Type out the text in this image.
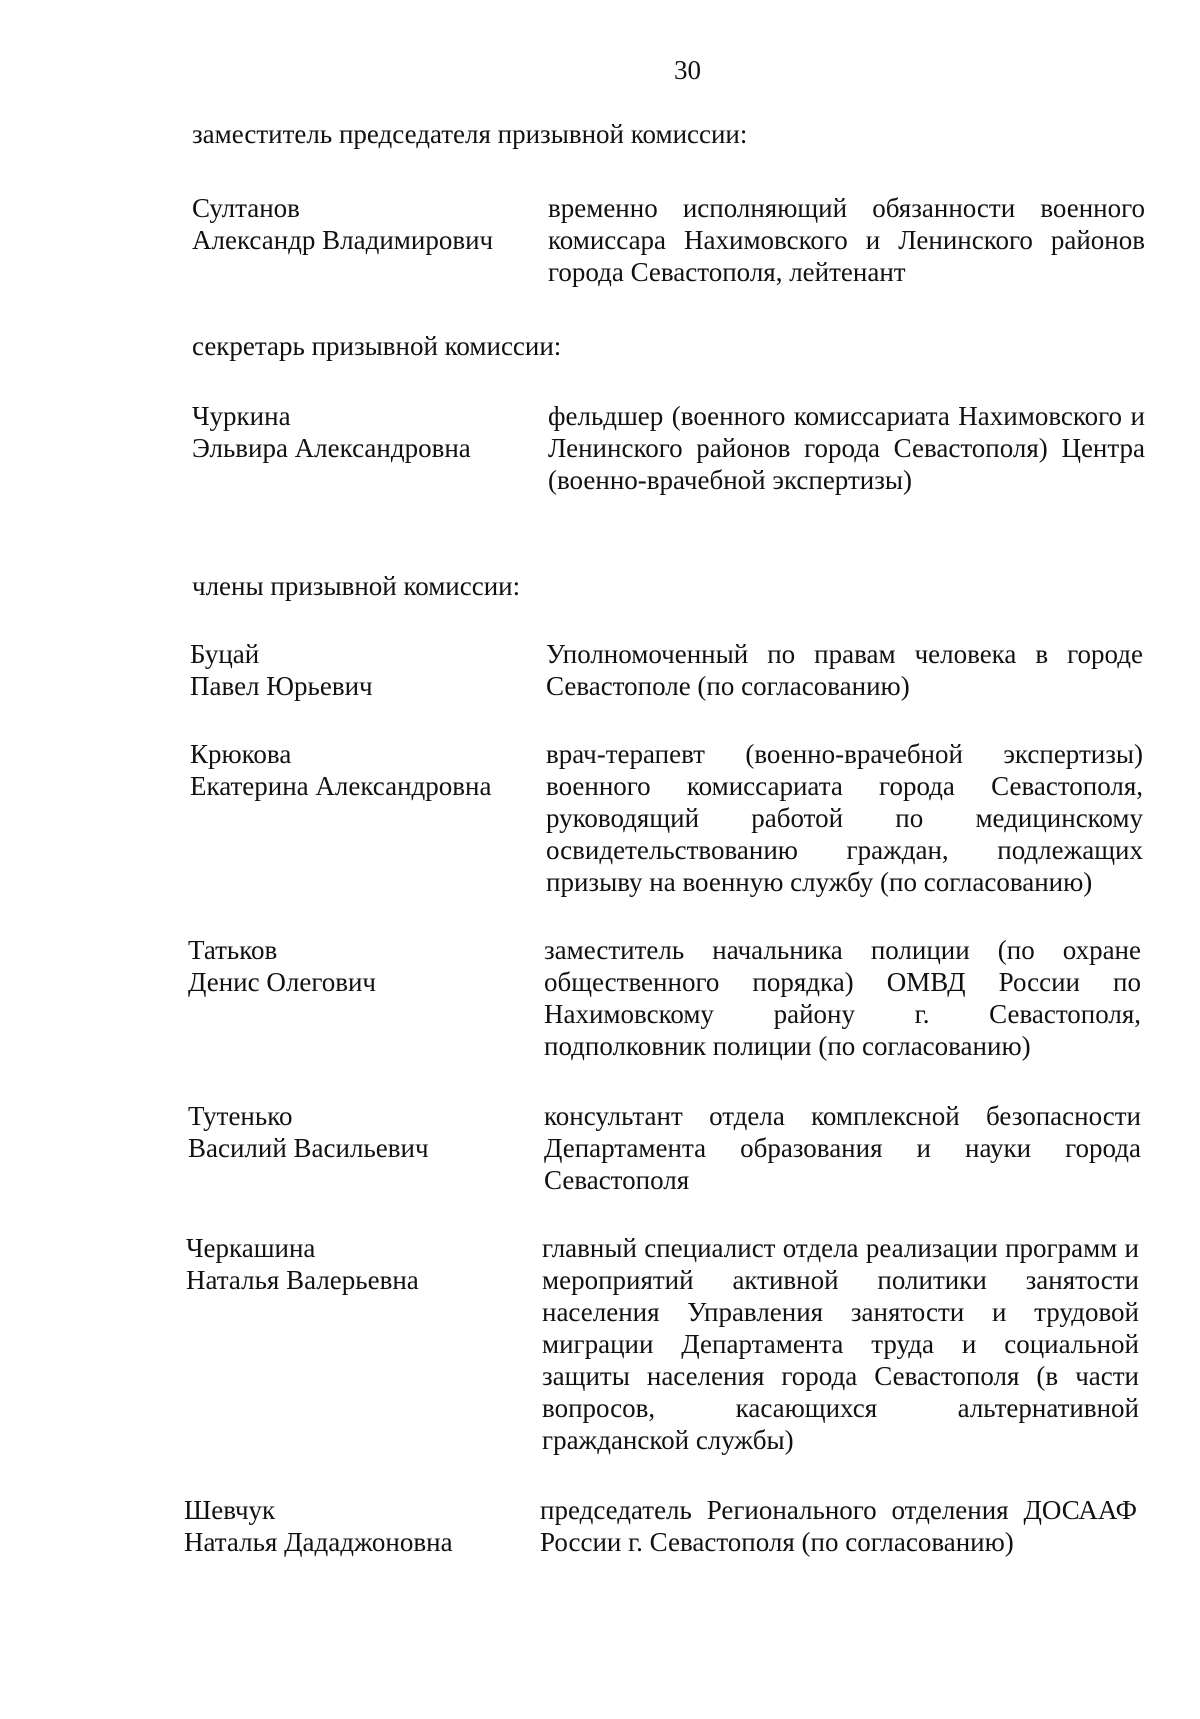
30
заместитель председателя призывной комиссии:
Султанов
Александр Владимирович
временно исполняющий обязанности военного комиссара Нахимовского и Ленинского районов города Севастополя, лейтенант
секретарь призывной комиссии:
Чуркина
Эльвира Александровна
фельдшер (военного комиссариата Нахимовского и Ленинского районов города Севастополя) Центра (военно-врачебной экспертизы)
члены призывной комиссии:
Буцай
Павел Юрьевич
Уполномоченный по правам человека в городе Севастополе (по согласованию)
Крюкова
Екатерина Александровна
врач-терапевт (военно-врачебной экспертизы) военного комиссариата города Севастополя, руководящий работой по медицинскому освидетельствованию граждан, подлежащих призыву на военную службу (по согласованию)
Татьков
Денис Олегович
заместитель начальника полиции (по охране общественного порядка) ОМВД России по Нахимовскому району г. Севастополя, подполковник полиции (по согласованию)
Тутенько
Василий Васильевич
консультант отдела комплексной безопасности Департамента образования и науки города Севастополя
Черкашина
Наталья Валерьевна
главный специалист отдела реализации программ и мероприятий активной политики занятости населения Управления занятости и трудовой миграции Департамента труда и социальной защиты населения города Севастополя (в части вопросов, касающихся альтернативной гражданской службы)
Шевчук
Наталья Дададжоновна
председатель Регионального отделения ДОСААФ России г. Севастополя (по согласованию)
